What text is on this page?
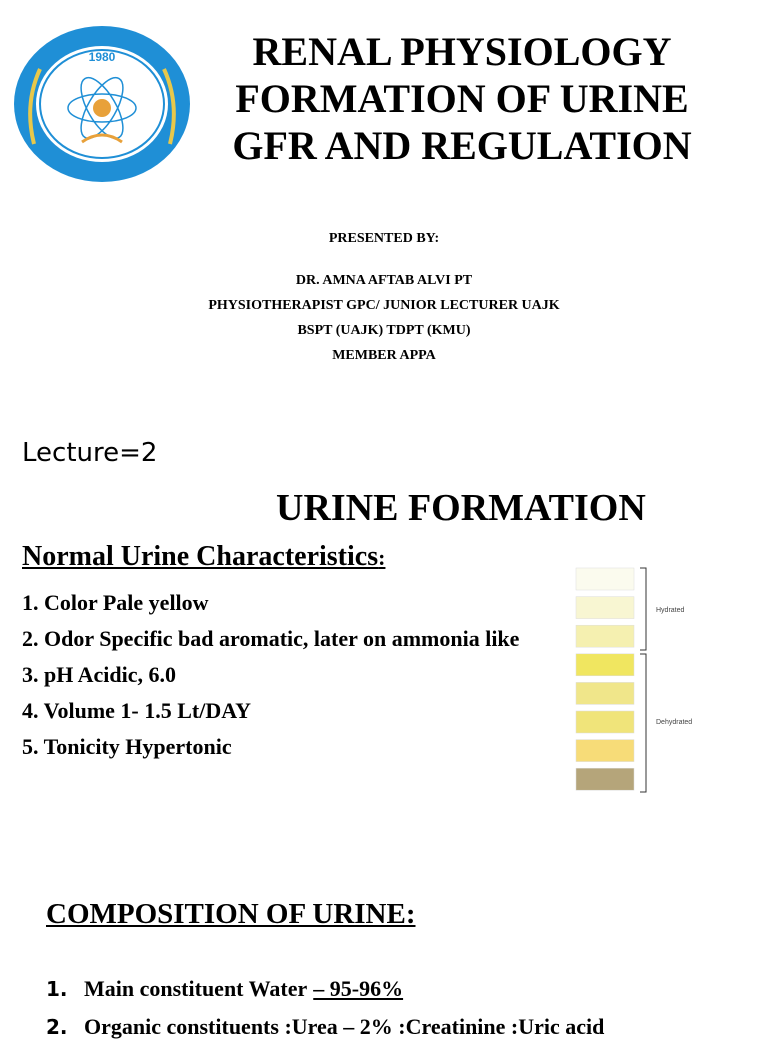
1980	RENAL PHYSIOLOGY
FORMATION OF URINE
GFR AND REGULATION
PRESENTED BY:
DR. AMNA AFTAB ALVI PT
PHYSIOTHERAPIST GPC/ JUNIOR LECTURER UAJK
BSPT (UAJK) TDPT (KMU)
MEMBER APPA
Lecture=2
URINE FORMATION
Normal Urine Characteristics:
1. Color Pale yellow
2. Odor Specific bad aromatic, later on ammonia like
3. pH Acidic, 6.0
4. Volume 1- 1.5 Lt/DAY
5. Tonicity Hypertonic
Hydrated
Dehydrated
COMPOSITION OF URINE:
1. Main constituent Water – 95-96%
2. Organic constituents :Urea – 2% :Creatinine :Uric acid
